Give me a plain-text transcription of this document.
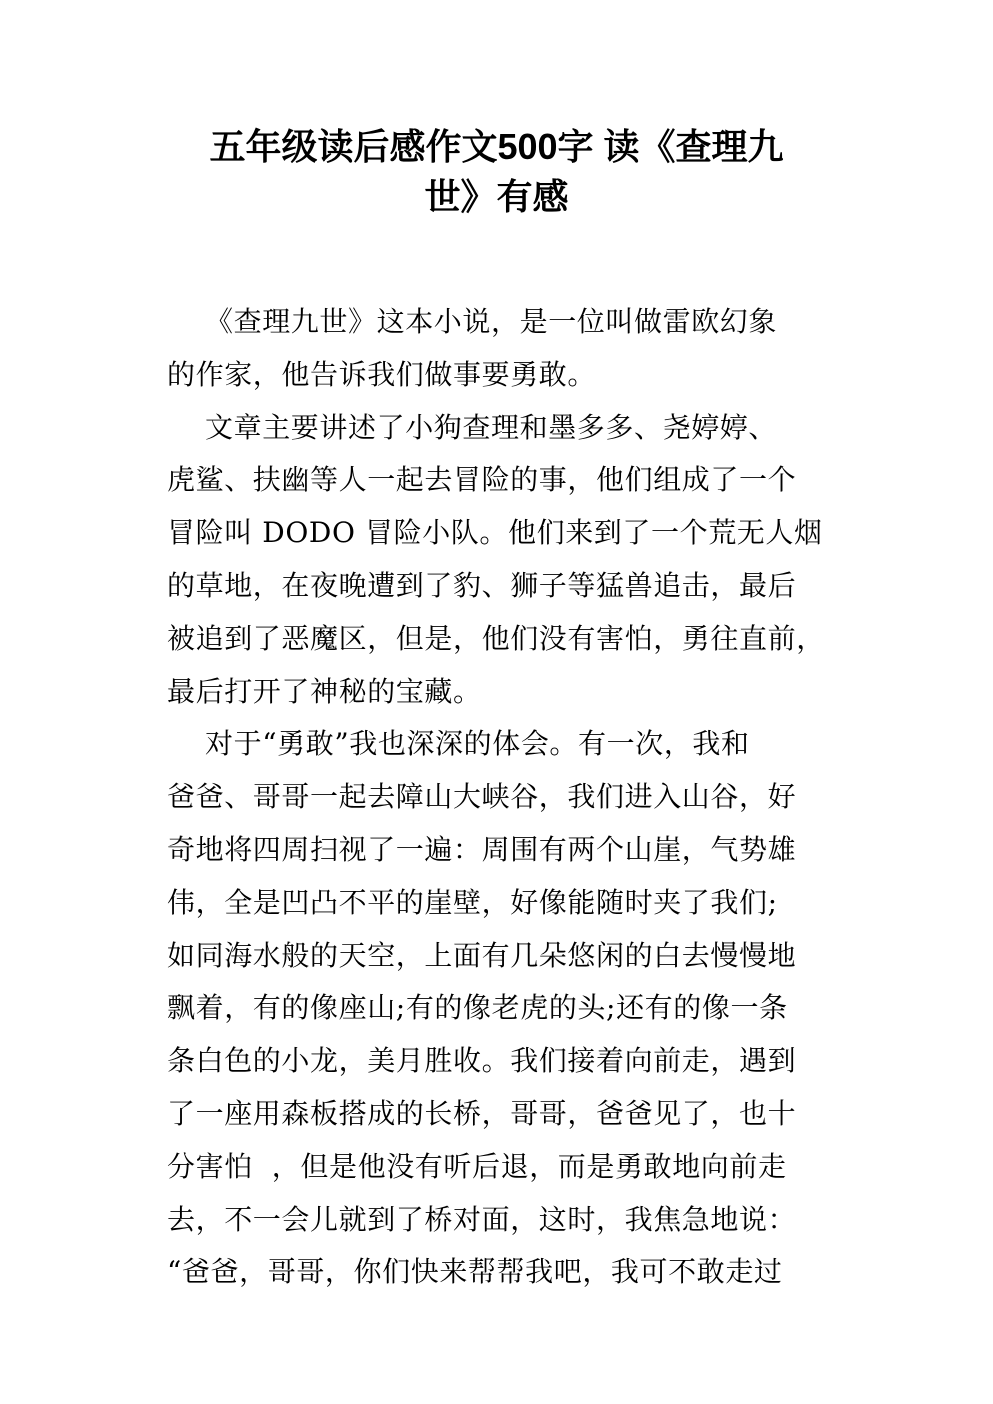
五年级读后感作文500字 读《查理九
世》有感
《查理九世》这本小说，是一位叫做雷欧幻象
的作家，他告诉我们做事要勇敢。
文章主要讲述了小狗查理和墨多多、尧婷婷、
虎鲨、扶幽等人一起去冒险的事，他们组成了一个
冒险叫 DODO 冒险小队。他们来到了一个荒无人烟
的草地，在夜晚遭到了豹、狮子等猛兽追击，最后
被追到了恶魔区，但是，他们没有害怕，勇往直前，
最后打开了神秘的宝藏。
对于“勇敢”我也深深的体会。有一次，我和
爸爸、哥哥一起去障山大峡谷，我们进入山谷，好
奇地将四周扫视了一遍：周围有两个山崖，气势雄
伟，全是凹凸不平的崖壁，好像能随时夹了我们;
如同海水般的天空，上面有几朵悠闲的白去慢慢地
飘着，有的像座山;有的像老虎的头;还有的像一条
条白色的小龙，美月胜收。我们接着向前走，遇到
了一座用森板搭成的长桥，哥哥，爸爸见了，也十
分害怕  ，但是他没有听后退，而是勇敢地向前走
去，不一会儿就到了桥对面，这时，我焦急地说：
“爸爸，哥哥，你们快来帮帮我吧，我可不敢走过
